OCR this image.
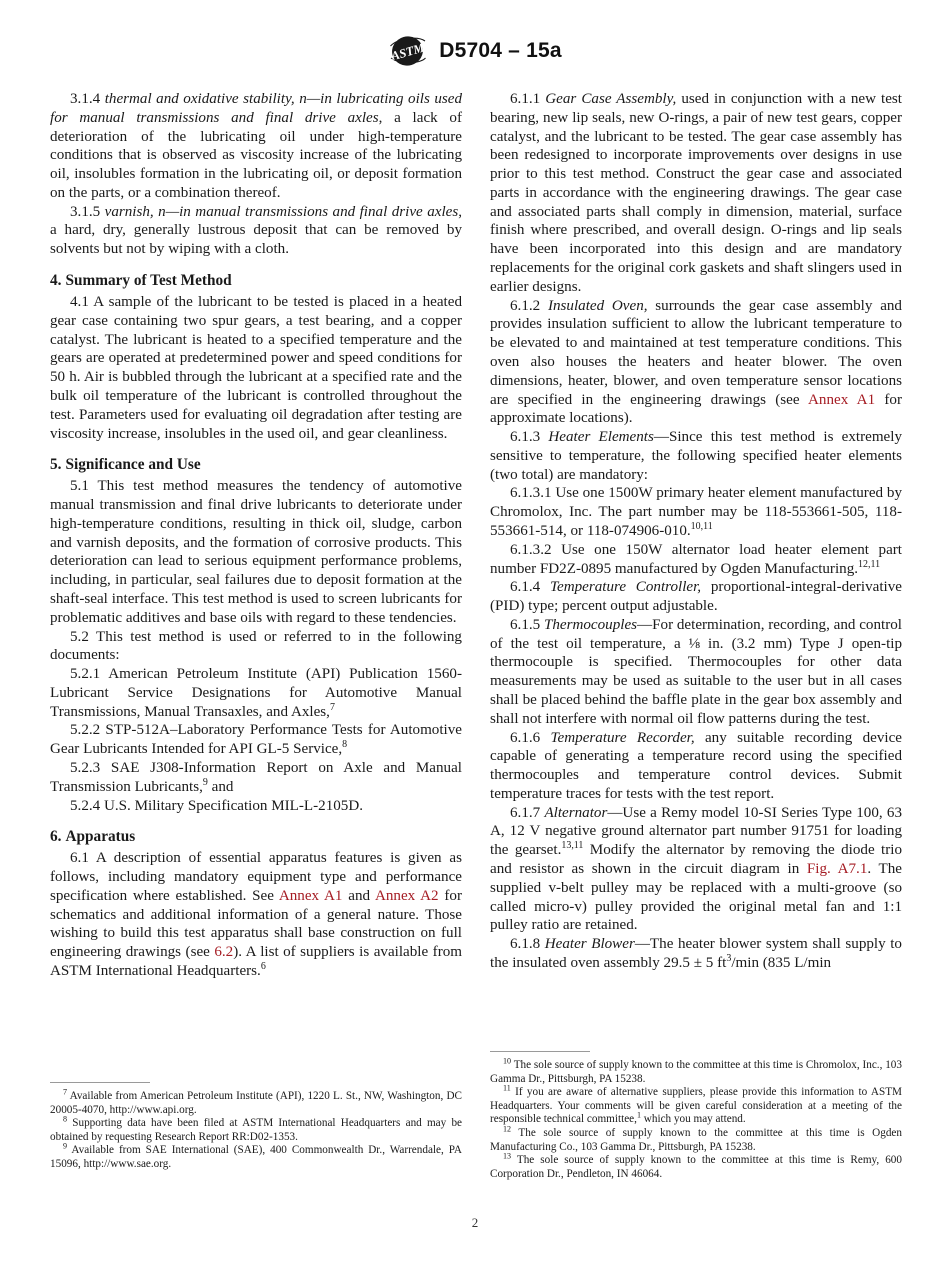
ASTM D5704 – 15a

3.1.4 thermal and oxidative stability, n—in lubricating oils used for manual transmissions and final drive axles, a lack of deterioration of the lubricating oil under high-temperature conditions that is observed as viscosity increase of the lubricating oil, insolubles formation in the lubricating oil, or deposit formation on the parts, or a combination thereof.

3.1.5 varnish, n—in manual transmissions and final drive axles, a hard, dry, generally lustrous deposit that can be removed by solvents but not by wiping with a cloth.

4. Summary of Test Method

4.1 A sample of the lubricant to be tested is placed in a heated gear case containing two spur gears, a test bearing, and a copper catalyst. The lubricant is heated to a specified temperature and the gears are operated at predetermined power and speed conditions for 50 h. Air is bubbled through the lubricant at a specified rate and the bulk oil temperature of the lubricant is controlled throughout the test. Parameters used for evaluating oil degradation after testing are viscosity increase, insolubles in the used oil, and gear cleanliness.

5. Significance and Use

5.1 This test method measures the tendency of automotive manual transmission and final drive lubricants to deteriorate under high-temperature conditions, resulting in thick oil, sludge, carbon and varnish deposits, and the formation of corrosive products. This deterioration can lead to serious equipment performance problems, including, in particular, seal failures due to deposit formation at the shaft-seal interface. This test method is used to screen lubricants for problematic additives and base oils with regard to these tendencies.

5.2 This test method is used or referred to in the following documents:

5.2.1 American Petroleum Institute (API) Publication 1560-Lubricant Service Designations for Automotive Manual Transmissions, Manual Transaxles, and Axles,$^7$

5.2.2 STP-512A–Laboratory Performance Tests for Automotive Gear Lubricants Intended for API GL-5 Service,$^8$

5.2.3 SAE J308-Information Report on Axle and Manual Transmission Lubricants,$^9$ and

5.2.4 U.S. Military Specification MIL-L-2105D.

6. Apparatus

6.1 A description of essential apparatus features is given as follows, including mandatory equipment type and performance specification where established. See Annex A1 and Annex A2 for schematics and additional information of a general nature. Those wishing to build this test apparatus shall base construction on full engineering drawings (see 6.2). A list of suppliers is available from ASTM International Headquarters.$^6$

6.1.1 Gear Case Assembly, used in conjunction with a new test bearing, new lip seals, new O-rings, a pair of new test gears, copper catalyst, and the lubricant to be tested. The gear case assembly has been redesigned to incorporate improvements over designs in use prior to this test method. Construct the gear case and associated parts in accordance with the engineering drawings. The gear case and associated parts shall comply in dimension, material, surface finish where prescribed, and overall design. O-rings and lip seals have been incorporated into this design and are mandatory replacements for the original cork gaskets and shaft slingers used in earlier designs.

6.1.2 Insulated Oven, surrounds the gear case assembly and provides insulation sufficient to allow the lubricant temperature to be elevated to and maintained at test temperature conditions. This oven also houses the heaters and heater blower. The oven dimensions, heater, blower, and oven temperature sensor locations are specified in the engineering drawings (see Annex A1 for approximate locations).

6.1.3 Heater Elements—Since this test method is extremely sensitive to temperature, the following specified heater elements (two total) are mandatory:

6.1.3.1 Use one 1500W primary heater element manufactured by Chromolox, Inc. The part number may be 118-553661-505, 118-553661-514, or 118-074906-010.$^{10,11}$

6.1.3.2 Use one 150W alternator load heater element part number FD2Z-0895 manufactured by Ogden Manufacturing.$^{12,11}$

6.1.4 Temperature Controller, proportional-integral-derivative (PID) type; percent output adjustable.

6.1.5 Thermocouples—For determination, recording, and control of the test oil temperature, a ⅛ in. (3.2 mm) Type J open-tip thermocouple is specified. Thermocouples for other data measurements may be used as suitable to the user but in all cases shall be placed behind the baffle plate in the gear box assembly and shall not interfere with normal oil flow patterns during the test.

6.1.6 Temperature Recorder, any suitable recording device capable of generating a temperature record using the specified thermocouples and temperature control devices. Submit temperature traces for tests with the test report.

6.1.7 Alternator—Use a Remy model 10-SI Series Type 100, 63 A, 12 V negative ground alternator part number 91751 for loading the gearset.$^{13,11}$ Modify the alternator by removing the diode trio and resistor as shown in the circuit diagram in Fig. A7.1. The supplied v-belt pulley may be replaced with a multi-groove (so called micro-v) pulley provided the original metal fan and 1:1 pulley ratio are retained.

6.1.8 Heater Blower—The heater blower system shall supply to the insulated oven assembly 29.5 ± 5 $ft^3/\min$ (835 L/min

$^7$ Available from American Petroleum Institute (API), 1220 L. St., NW, Washington, DC 20005-4070, http://www.api.org.

$^8$ Supporting data have been filed at ASTM International Headquarters and may be obtained by requesting Research Report RR:D02-1353.

$^9$ Available from SAE International (SAE), 400 Commonwealth Dr., Warrendale, PA 15096, http://www.sae.org.

$^{10}$ The sole source of supply known to the committee at this time is Chromolox, Inc., 103 Gamma Dr., Pittsburgh, PA 15238.

$^{11}$ If you are aware of alternative suppliers, please provide this information to ASTM Headquarters. Your comments will be given careful consideration at a meeting of the responsible technical committee,$^1$ which you may attend.

$^{12}$ The sole source of supply known to the committee at this time is Ogden Manufacturing Co., 103 Gamma Dr., Pittsburgh, PA 15238.

$^{13}$ The sole source of supply known to the committee at this time is Remy, 600 Corporation Dr., Pendleton, IN 46064.

2
